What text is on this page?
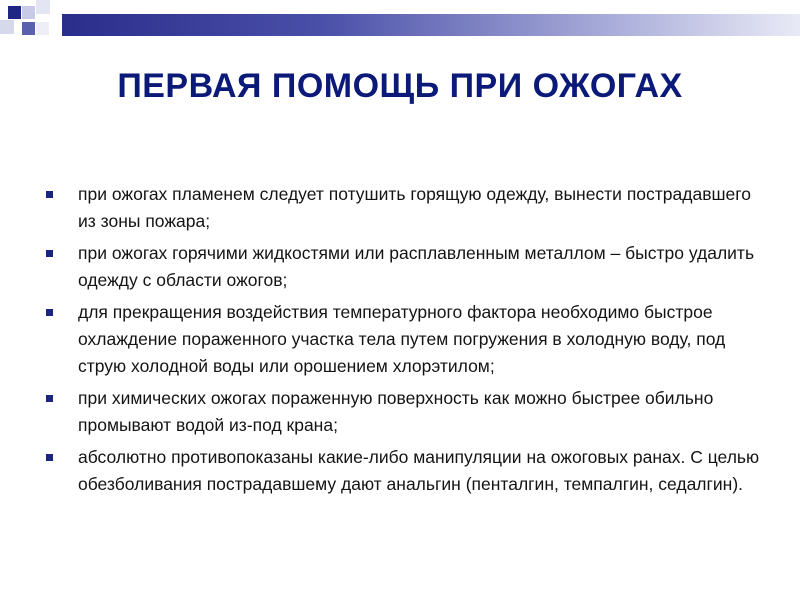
ПЕРВАЯ ПОМОЩЬ ПРИ ОЖОГАХ
при ожогах пламенем следует потушить горящую одежду, вынести пострадавшего из зоны пожара;
при ожогах горячими жидкостями или расплавленным металлом – быстро удалить одежду с области ожогов;
для прекращения воздействия температурного фактора необходимо быстрое охлаждение пораженного участка тела путем погружения в холодную воду, под струю холодной воды или орошением хлорэтилом;
при химических ожогах пораженную поверхность как можно быстрее обильно промывают водой из-под крана;
абсолютно противопоказаны какие-либо манипуляции на ожоговых ранах. С целью обезболивания пострадавшему дают анальгин (пенталгин, темпалгин, седалгин).
